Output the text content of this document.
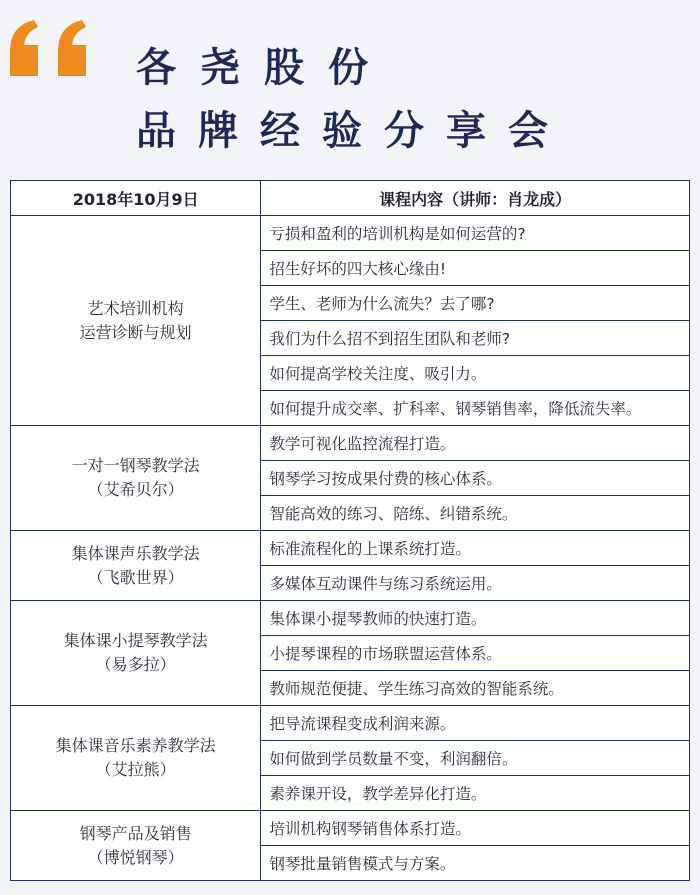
各尧股份
品牌经验分享会
2018年10月9日	课程内容（讲师：肖龙成）

艺术培训机构
运营诊断与规划	亏损和盈利的培训机构是如何运营的?
	招生好坏的四大核心缘由!
	学生、老师为什么流失？去了哪?
	我们为什么招不到招生团队和老师?
	如何提高学校关注度、吸引力。
	如何提升成交率、扩科率、钢琴销售率，降低流失率。

一对一钢琴教学法
（艾希贝尔）	教学可视化监控流程打造。
	钢琴学习按成果付费的核心体系。
	智能高效的练习、陪练、纠错系统。

集体课声乐教学法
（飞歌世界）	标准流程化的上课系统打造。
	多媒体互动课件与练习系统运用。

集体课小提琴教学法
（易多拉）	集体课小提琴教师的快速打造。
	小提琴课程的市场联盟运营体系。
	教师规范便捷、学生练习高效的智能系统。

集体课音乐素养教学法
（艾拉熊）	把导流课程变成利润来源。
	如何做到学员数量不变，利润翻倍。
	素养课开设，教学差异化打造。

钢琴产品及销售
（博悦钢琴）	培训机构钢琴销售体系打造。
	钢琴批量销售模式与方案。
